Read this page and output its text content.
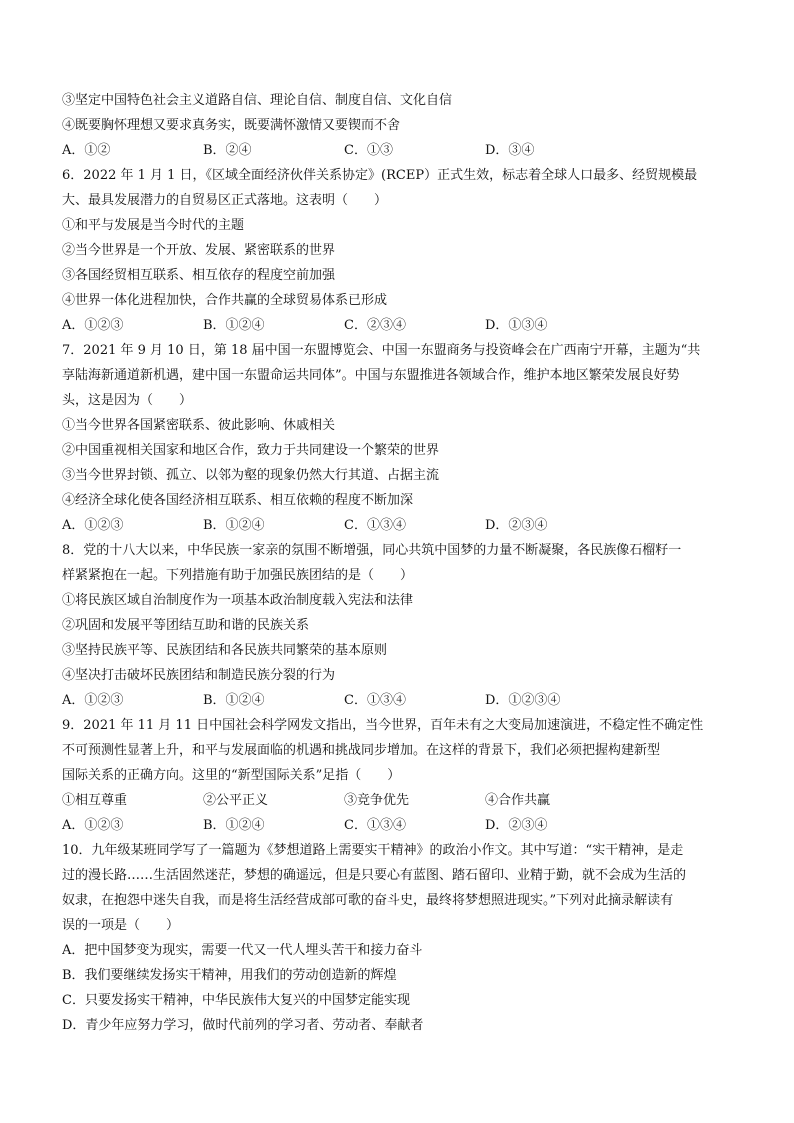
③坚定中国特色社会主义道路自信、理论自信、制度自信、文化自信
④既要胸怀理想又要求真务实，既要满怀激情又要锲而不舍
A．①②	B．②④	C．①③	D．③④
6．2022 年 1 月 1 日，《区域全面经济伙伴关系协定》(RCEP）正式生效，标志着全球人口最多、经贸规模最
大、最具发展潜力的自贸易区正式落地。这表明（　　）
①和平与发展是当今时代的主题
②当今世界是一个开放、发展、紧密联系的世界
③各国经贸相互联系、相互依存的程度空前加强
④世界一体化进程加快，合作共赢的全球贸易体系已形成
A．①②③	B．①②④	C．②③④	D．①③④
7．2021 年 9 月 10 日，第 18 届中国一东盟博览会、中国一东盟商务与投资峰会在广西南宁开幕，主题为“共
享陆海新通道新机遇，建中国一东盟命运共同体”。中国与东盟推进各领域合作，维护本地区繁荣发展良好势
头，这是因为（　　）
①当今世界各国紧密联系、彼此影响、休戚相关
②中国重视相关国家和地区合作，致力于共同建设一个繁荣的世界
③当今世界封锁、孤立、以邻为壑的现象仍然大行其道、占据主流
④经济全球化使各国经济相互联系、相互依赖的程度不断加深
A．①②③	B．①②④	C．①③④	D．②③④
8．党的十八大以来，中华民族一家亲的氛围不断增强，同心共筑中国梦的力量不断凝聚，各民族像石榴籽一
样紧紧抱在一起。下列措施有助于加强民族团结的是（　　）
①将民族区域自治制度作为一项基本政治制度载入宪法和法律
②巩固和发展平等团结互助和谐的民族关系
③坚持民族平等、民族团结和各民族共同繁荣的基本原则
④坚决打击破坏民族团结和制造民族分裂的行为
A．①②③	B．①②④	C．①③④	D．①②③④
9．2021 年 11 月 11 日中国社会科学网发文指出，当今世界，百年未有之大变局加速演进，不稳定性不确定性
不可预测性显著上升，和平与发展面临的机遇和挑战同步增加。在这样的背景下，我们必须把握构建新型
国际关系的正确方向。这里的“新型国际关系”足指（　　）
①相互尊重	②公平正义	③竞争优先	④合作共赢
A．①②③	B．①②④	C．①③④	D．②③④
10．九年级某班同学写了一篇题为《梦想道路上需要实干精神》的政治小作文。其中写道：“实干精神，是走
过的漫长路……生活固然迷茫，梦想的确遥远，但是只要心有蓝图、踏石留印、业精于勤，就不会成为生活的
奴隶，在抱怨中迷失自我，而是将生活经营成部可歌的奋斗史，最终将梦想照进现实。”下列对此摘录解读有
误的一项是（　　）
A．把中国梦变为现实，需要一代又一代人埋头苦干和接力奋斗
B．我们要继续发扬实干精神，用我们的劳动创造新的辉煌
C．只要发扬实干精神，中华民族伟大复兴的中国梦定能实现
D．青少年应努力学习，做时代前列的学习者、劳动者、奉献者
